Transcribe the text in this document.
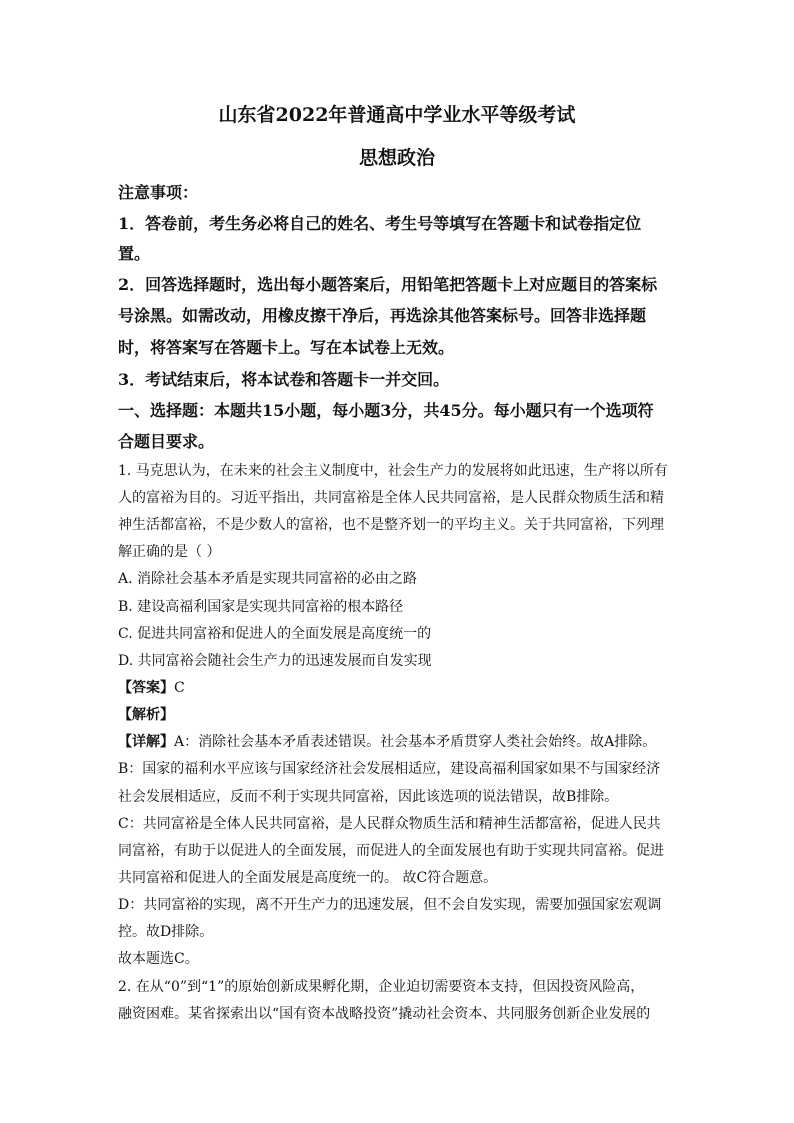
山东省2022年普通高中学业水平等级考试
思想政治
注意事项：
1．答卷前，考生务必将自己的姓名、考生号等填写在答题卡和试卷指定位
置。
2．回答选择题时，选出每小题答案后，用铅笔把答题卡上对应题目的答案标
号涂黑。如需改动，用橡皮擦干净后，再选涂其他答案标号。回答非选择题
时，将答案写在答题卡上。写在本试卷上无效。
3．考试结束后，将本试卷和答题卡一并交回。
一、选择题：本题共15小题，每小题3分，共45分。每小题只有一个选项符
合题目要求。
1. 马克思认为，在未来的社会主义制度中，社会生产力的发展将如此迅速，生产将以所有
人的富裕为目的。习近平指出，共同富裕是全体人民共同富裕，是人民群众物质生活和精
神生活都富裕，不是少数人的富裕，也不是整齐划一的平均主义。关于共同富裕，下列理
解正确的是（ ）
A. 消除社会基本矛盾是实现共同富裕的必由之路
B. 建设高福利国家是实现共同富裕的根本路径
C. 促进共同富裕和促进人的全面发展是高度统一的
D. 共同富裕会随社会生产力的迅速发展而自发实现
【答案】C
【解析】
【详解】A：消除社会基本矛盾表述错误。社会基本矛盾贯穿人类社会始终。故A排除。
B：国家的福利水平应该与国家经济社会发展相适应，建设高福利国家如果不与国家经济
社会发展相适应，反而不利于实现共同富裕，因此该选项的说法错误，故B排除。
C：共同富裕是全体人民共同富裕，是人民群众物质生活和精神生活都富裕，促进人民共
同富裕，有助于以促进人的全面发展，而促进人的全面发展也有助于实现共同富裕。促进
共同富裕和促进人的全面发展是高度统一的。 故C符合题意。
D：共同富裕的实现，离不开生产力的迅速发展，但不会自发实现，需要加强国家宏观调
控。故D排除。
故本题选C。
2. 在从“0”到“1”的原始创新成果孵化期，企业迫切需要资本支持，但因投资风险高，
融资困难。某省探索出以“国有资本战略投资”撬动社会资本、共同服务创新企业发展的
